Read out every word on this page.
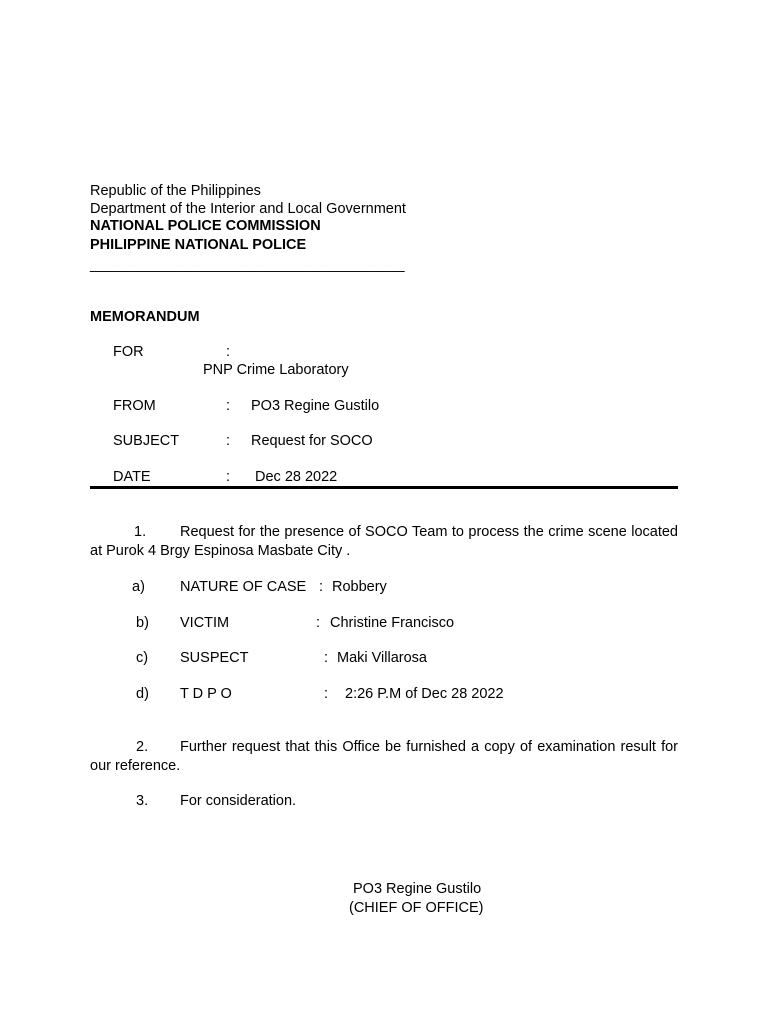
Republic of the Philippines
Department of the Interior and Local Government
NATIONAL POLICE COMMISSION
PHILIPPINE NATIONAL POLICE
_______________________________________
MEMORANDUM
FOR	:
PNP Crime Laboratory
FROM	: PO3 Regine Gustilo
SUBJECT	: Request for SOCO
DATE	: Dec 28 2022
1. Request for the presence of SOCO Team to process the crime scene located at Purok 4 Brgy Espinosa Masbate City .
a) NATURE OF CASE : Robbery
b) VICTIM	: Christine Francisco
c) SUSPECT	: Maki Villarosa
d) T D P O	: 2:26 P.M of Dec 28 2022
2. Further request that this Office be furnished a copy of examination result for our reference.
3. For consideration.
PO3 Regine Gustilo
(CHIEF OF OFFICE)
